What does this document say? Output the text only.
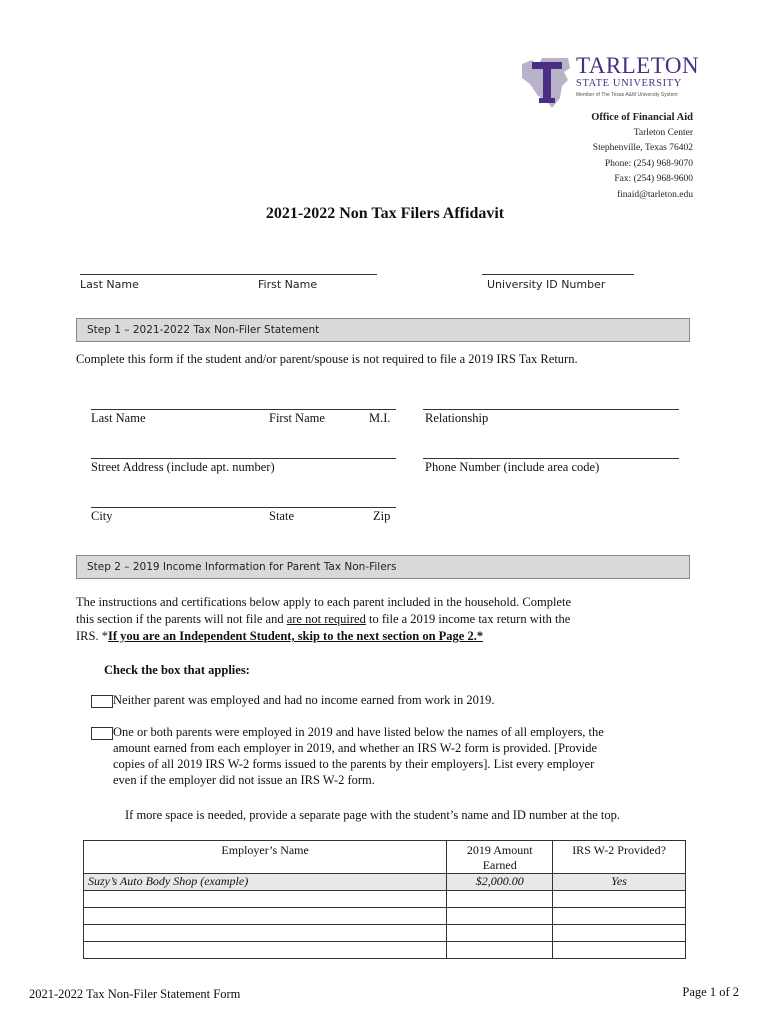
TARLETON
STATE UNIVERSITY
Member of The Texas A&M University System
Office of Financial Aid
Tarleton Center
Stephenville, Texas 76402
Phone: (254) 968-9070
Fax: (254) 968-9600
finaid@tarleton.edu
2021-2022 Non Tax Filers Affidavit
Last Name	First Name	University ID Number
Step 1 – 2021-2022 Tax Non-Filer Statement
Complete this form if the student and/or parent/spouse is not required to file a 2019 IRS Tax Return.
Last Name	First Name	M.I.	Relationship
Street Address (include apt. number)	Phone Number (include area code)
City	State	Zip
Step 2 – 2019 Income Information for Parent Tax Non-Filers
The instructions and certifications below apply to each parent included in the household. Complete
this section if the parents will not file and are not required to file a 2019 income tax return with the
IRS. *If you are an Independent Student, skip to the next section on Page 2.*
Check the box that applies:
Neither parent was employed and had no income earned from work in 2019.
One or both parents were employed in 2019 and have listed below the names of all employers, the
amount earned from each employer in 2019, and whether an IRS W-2 form is provided. [Provide
copies of all 2019 IRS W-2 forms issued to the parents by their employers]. List every employer
even if the employer did not issue an IRS W-2 form.
If more space is needed, provide a separate page with the student’s name and ID number at the top.
Employer’s Name	2019 Amount Earned	IRS W-2 Provided?
Suzy’s Auto Body Shop (example)	$2,000.00	Yes

2021-2022 Tax Non-Filer Statement Form	Page 1 of 2
